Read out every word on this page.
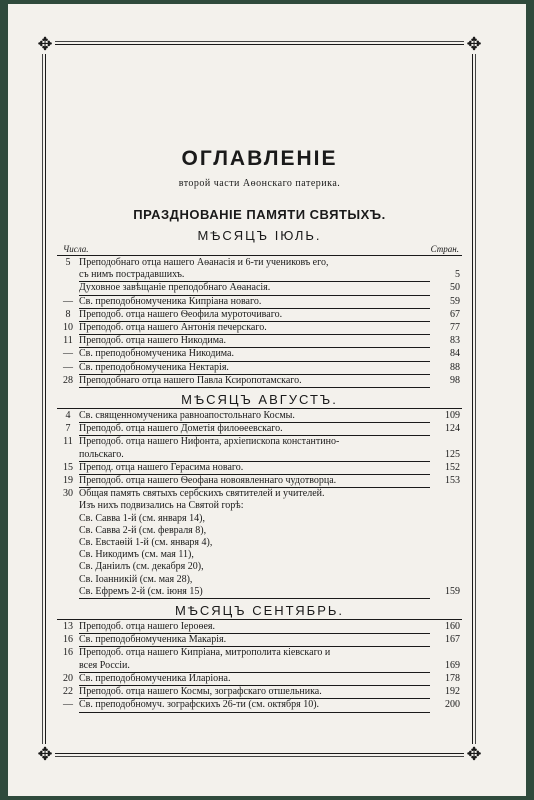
✥	✥
✥	✥
ОГЛАВЛЕНІЕ
второй части Аѳонскаго патерика.
ПРАЗДНОВАНІЕ ПАМЯТИ СВЯТЫХЪ.
МѢСЯЦЪ ІЮЛЬ.
Числа.	Стран.
5 Преподобнаго отца нашего Аѳанасія и 6-ти учениковъ его,
съ нимъ пострадавшихъ.	5
Духовное завѣщаніе преподобнаго Аѳанасія.	50
— Св. преподобномученика Кипріана новаго.	59
8 Преподоб. отца нашего Ѳеофила муроточиваго.	67
10 Преподоб. отца нашего Антонія печерскаго.	77
11 Преподоб. отца нашего Никодима.	83
— Св. преподобномученика Никодима.	84
— Св. преподобномученика Нектарія.	88
28 Преподобнаго отца нашего Павла Ксиропотамскаго.	98
МѢСЯЦЪ АВГУСТЪ.
4 Св. священномученика равноапостольнаго Космы.	109
7 Преподоб. отца нашего Дометія филоѳеевскаго.	124
11 Преподоб. отца нашего Нифонта, архіепископа константино-
польскаго.	125
15 Препод. отца нашего Герасима новаго.	152
19 Преподоб. отца нашего Ѳеофана новоявленнаго чудотворца.	153
30 Общая память святыхъ сербскихъ святителей и учителей.
Изъ нихъ подвизались на Святой горѣ:
Св. Савва 1-й (см. января 14),
Св. Савва 2-й (см. февраля 8),
Св. Евстаѳій 1-й (см. января 4),
Св. Никодимъ (см. мая 11),
Св. Даніилъ (см. декабря 20),
Св. Іоанникій (см. мая 28),
Св. Ефремъ 2-й (см. іюня 15)	159
МѢСЯЦЪ СЕНТЯБРЬ.
13 Преподоб. отца нашего Іероѳея.	160
16 Св. преподобномученика Макарія.	167
16 Преподоб. отца нашего Кипріана, митрополита кіевскаго и
всея Россіи.	169
20 Св. преподобномученика Иларіона.	178
22 Преподоб. отца нашего Космы, зографскаго отшельника.	192
— Св. преподобномуч. зографскихъ 26-ти (см. октября 10).	200
